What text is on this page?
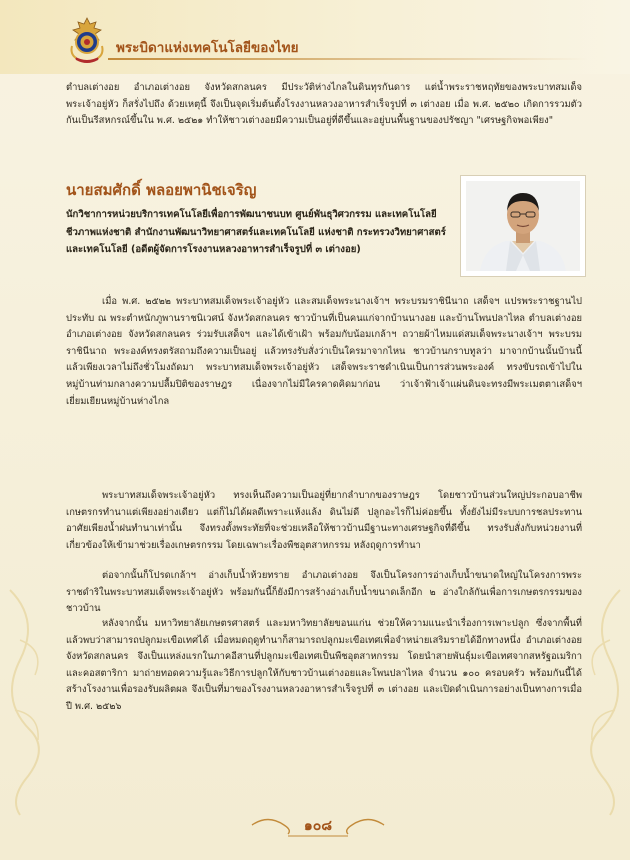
พระบิดาแห่งเทคโนโลยีของไทย
ตำบลเต่างอย อำเภอเต่างอย จังหวัดสกลนคร มีประวัติห่างไกลในดินทุรกันดาร แต่น้ำพระราชหฤทัยของพระบาทสมเด็จพระเจ้าอยู่หัว ก็สรั่งไปถึง ด้วยเหตุนี้ จึงเป็นจุดเริ่มต้นตั้งโรงงานหลวงอาหารสำเร็จรูปที่ ๓ เต่างอย เมื่อ พ.ศ. ๒๕๒๐ เกิดการรวมตัวกันเป็นรีสหกรณ์ขึ้นใน พ.ศ. ๒๕๒๑ ทำให้ชาวเต่างอยมีความเป็นอยู่ที่ดีขึ้นและอยู่บนพื้นฐานของปรัชญา "เศรษฐกิจพอเพียง"
นายสมศักดิ์ พลอยพานิชเจริญ
นักวิชาการหน่วยบริการเทคโนโลยีเพื่อการพัฒนาชนบท ศูนย์พันธุวิศวกรรม และเทคโนโลยีชีวภาพแห่งชาติ สำนักงานพัฒนาวิทยาศาสตร์และเทคโนโลยี แห่งชาติ กระทรวงวิทยาศาสตร์และเทคโนโลยี (อดีตผู้จัดการโรงงานหลวงอาหารสำเร็จรูปที่ ๓ เต่างอย)
เมื่อ พ.ศ. ๒๕๒๒ พระบาทสมเด็จพระเจ้าอยู่หัว และสมเด็จพระนางเจ้าฯ พระบรมราชินีนาถ เสด็จฯ แปรพระราชฐานไปประทับ ณ พระตำหนักภูพานราชนิเวศน์ จังหวัดสกลนคร ชาวบ้านที่เป็นคนแก่จากบ้านนางอย และบ้านโพนปลาไหล ตำบลเต่างอย อำเภอเต่างอย จังหวัดสกลนคร ร่วมรับเสด็จฯ และได้เข้าเฝ้า พร้อมกับน้อมเกล้าฯ ถวายผ้าไหมแด่สมเด็จพระนางเจ้าฯ พระบรมราชินีนาถ พระองค์ทรงตรัสถามถึงความเป็นอยู่ แล้วทรงรับสั่งว่าเป็นใครมาจากไหน ชาวบ้านกราบทูลว่า มาจากบ้านนั้นบ้านนี้ แล้วเพียงเวลาไม่ถึงชั่วโมงถัดมา พระบาทสมเด็จพระเจ้าอยู่หัว เสด็จพระราชดำเนินเป็นการส่วนพระองค์ ทรงขับรถเข้าไปในหมู่บ้านท่ามกลางความปลื้มปิติของราษฎร เนื่องจากไม่มีใครคาดคิดมาก่อน ว่าเจ้าฟ้าเจ้าแผ่นดินจะทรงมีพระเมตตาเสด็จฯ เยี่ยมเยียนหมู่บ้านห่างไกล
พระบาทสมเด็จพระเจ้าอยู่หัว ทรงเห็นถึงความเป็นอยู่ที่ยากลำบากของราษฎร โดยชาวบ้านส่วนใหญ่ประกอบอาชีพเกษตรกรทำนาแต่เพียงอย่างเดียว แต่ก็ไม่ได้ผลดีเพราะแห้งแล้ง ดินไม่ดี ปลูกอะไรก็ไม่ค่อยขึ้น ทั้งยังไม่มีระบบการชลประทาน อาศัยเพียงน้ำฝนทำนาเท่านั้น จึงทรงตั้งพระทัยที่จะช่วยเหลือให้ชาวบ้านมีฐานะทางเศรษฐกิจที่ดีขึ้น ทรงรับสั่งกับหน่วยงานที่เกี่ยวข้องให้เข้ามาช่วยเรื่องเกษตรกรรม โดยเฉพาะเรื่องพืชอุตสาหกรรม หลังฤดูการทำนา
ต่อจากนั้นก็โปรดเกล้าฯ อ่างเก็บน้ำห้วยทราย อำเภอเต่างอย จึงเป็นโครงการอ่างเก็บน้ำขนาดใหญ่ในโครงการพระราชดำริในพระบาทสมเด็จพระเจ้าอยู่หัว พร้อมกันนี้ก็ยังมีการสร้างอ่างเก็บน้ำขนาดเล็กอีก ๒ อ่างใกล้กันเพื่อการเกษตรกรรมของชาวบ้าน
หลังจากนั้น มหาวิทยาลัยเกษตรศาสตร์ และมหาวิทยาลัยขอนแก่น ช่วยให้ความแนะนำเรื่องการเพาะปลูก ซึ่งจากพื้นที่แล้วพบว่าสามารถปลูกมะเขือเทศได้ เมื่อหมดฤดูทำนาก็สามารถปลูกมะเขือเทศเพื่อจำหน่ายเสริมรายได้อีกทางหนึ่ง อำเภอเต่างอย จังหวัดสกลนคร จึงเป็นแหล่งแรกในภาคอีสานที่ปลูกมะเขือเทศเป็นพืชอุตสาหกรรม โดยนำสายพันธุ์มะเขือเทศจากสหรัฐอเมริกา และคอสตาริกา มาถ่ายทอดความรู้และวิธีการปลูกให้กับชาวบ้านเต่างอยและโพนปลาไหล จำนวน ๑๐๐ ครอบครัว พร้อมกันนี้ได้สร้างโรงงานเพื่อรองรับผลิตผล จึงเป็นที่มาของโรงงานหลวงอาหารสำเร็จรูปที่ ๓ เต่างอย และเปิดดำเนินการอย่างเป็นทางการเมื่อปี พ.ศ. ๒๕๒๖
๑๐๘
